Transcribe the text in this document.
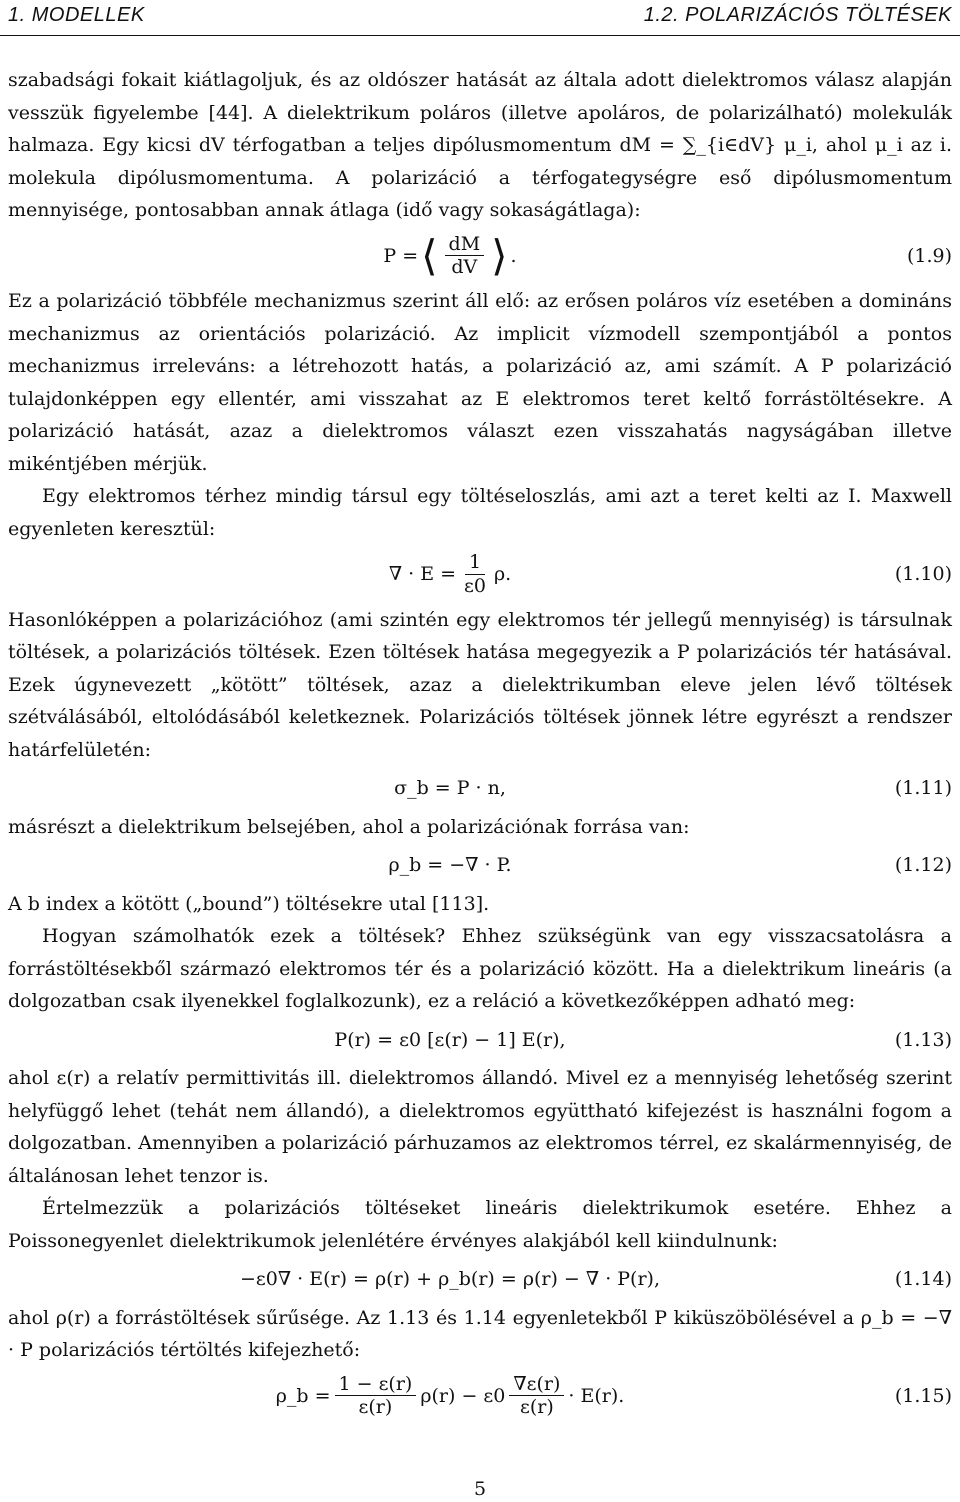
1. MODELLEK	1.2. POLARIZÁCIÓS TÖLTÉSEK

szabadsági fokait kiátlagoljuk, és az oldószer hatását az általa adott dielektromos válasz alapján vesszük figyelembe [44]. A dielektrikum poláros (illetve apoláros, de polarizálható) molekulák halmaza. Egy kicsi dV térfogatban a teljes dipólusmomentum dM = ∑_{i∈dV} μ_i, ahol μ_i az i. molekula dipólusmomentuma. A polarizáció a térfogategységre eső dipólusmomentum mennyisége, pontosabban annak átlaga (idő vagy sokaságátlaga):

P = ⟨ $\frac{dM}{dV}$ ⟩ .	(1.9)

Ez a polarizáció többféle mechanizmus szerint áll elő: az erősen poláros víz esetében a domináns mechanizmus az orientációs polarizáció. Az implicit vízmodell szempontjából a pontos mechanizmus irreleváns: a létrehozott hatás, a polarizáció az, ami számít. A P polarizáció tulajdonképpen egy ellentér, ami visszahat az E elektromos teret keltő forrástöltésekre. A polarizáció hatását, azaz a dielektromos választ ezen visszahatás nagyságában illetve mikéntjében mérjük.

Egy elektromos térhez mindig társul egy töltéseloszlás, ami azt a teret kelti az I. Maxwell egyenleten keresztül:

∇ · $E = \frac{1}{\varepsilon 0} \rho$.	(1.10)

Hasonlóképpen a polarizációhoz (ami szintén egy elektromos tér jellegű mennyiség) is társulnak töltések, a polarizációs töltések. Ezen töltések hatása megegyezik a P polarizációs tér hatásával. Ezek úgynevezett „kötött” töltések, azaz a dielektrikumban eleve jelen lévő töltések szétválásából, eltolódásából keletkeznek. Polarizációs töltések jönnek létre egyrészt a rendszer határfelületén:

σ_b = P · n,	(1.11)

másrészt a dielektrikum belsejében, ahol a polarizációnak forrása van:

ρ_b = −∇ · P.	(1.12)

A b index a kötött („bound”) töltésekre utal [113].

Hogyan számolhatók ezek a töltések? Ehhez szükségünk van egy visszacsatolásra a forrástöltésekből származó elektromos tér és a polarizáció között. Ha a dielektrikum lineáris (a dolgozatban csak ilyenekkel foglalkozunk), ez a reláció a következőképpen adható meg:

P(r) = ε0 [ε(r) − 1] E(r),	(1.13)

ahol ε(r) a relatív permittivitás ill. dielektromos állandó. Mivel ez a mennyiség lehetőség szerint helyfüggő lehet (tehát nem állandó), a dielektromos együttható kifejezést is használni fogom a dolgozatban. Amennyiben a polarizáció párhuzamos az elektromos térrel, ez skalármennyiség, de általánosan lehet tenzor is.

Értelmezzük a polarizációs töltéseket lineáris dielektrikumok esetére. Ehhez a Poissonegyenlet dielektrikumok jelenlétére érvényes alakjából kell kiindulnunk:

−ε0∇ · E(r) = ρ(r) + ρ_b(r) = ρ(r) − ∇ · P(r),	(1.14)

ahol ρ(r) a forrástöltések sűrűsége. Az 1.13 és 1.14 egyenletekből P kiküszöbölésével a ρ_b = −∇ · P polarizációs tértöltés kifejezhető:

ρ_b = $\frac{1 - \varepsilon(r)}{\varepsilon(r)} \rho(r) - \varepsilon 0 \frac{\nabla\varepsilon(r)}{\varepsilon(r)} \cdot E(r)$.	(1.15)
5
